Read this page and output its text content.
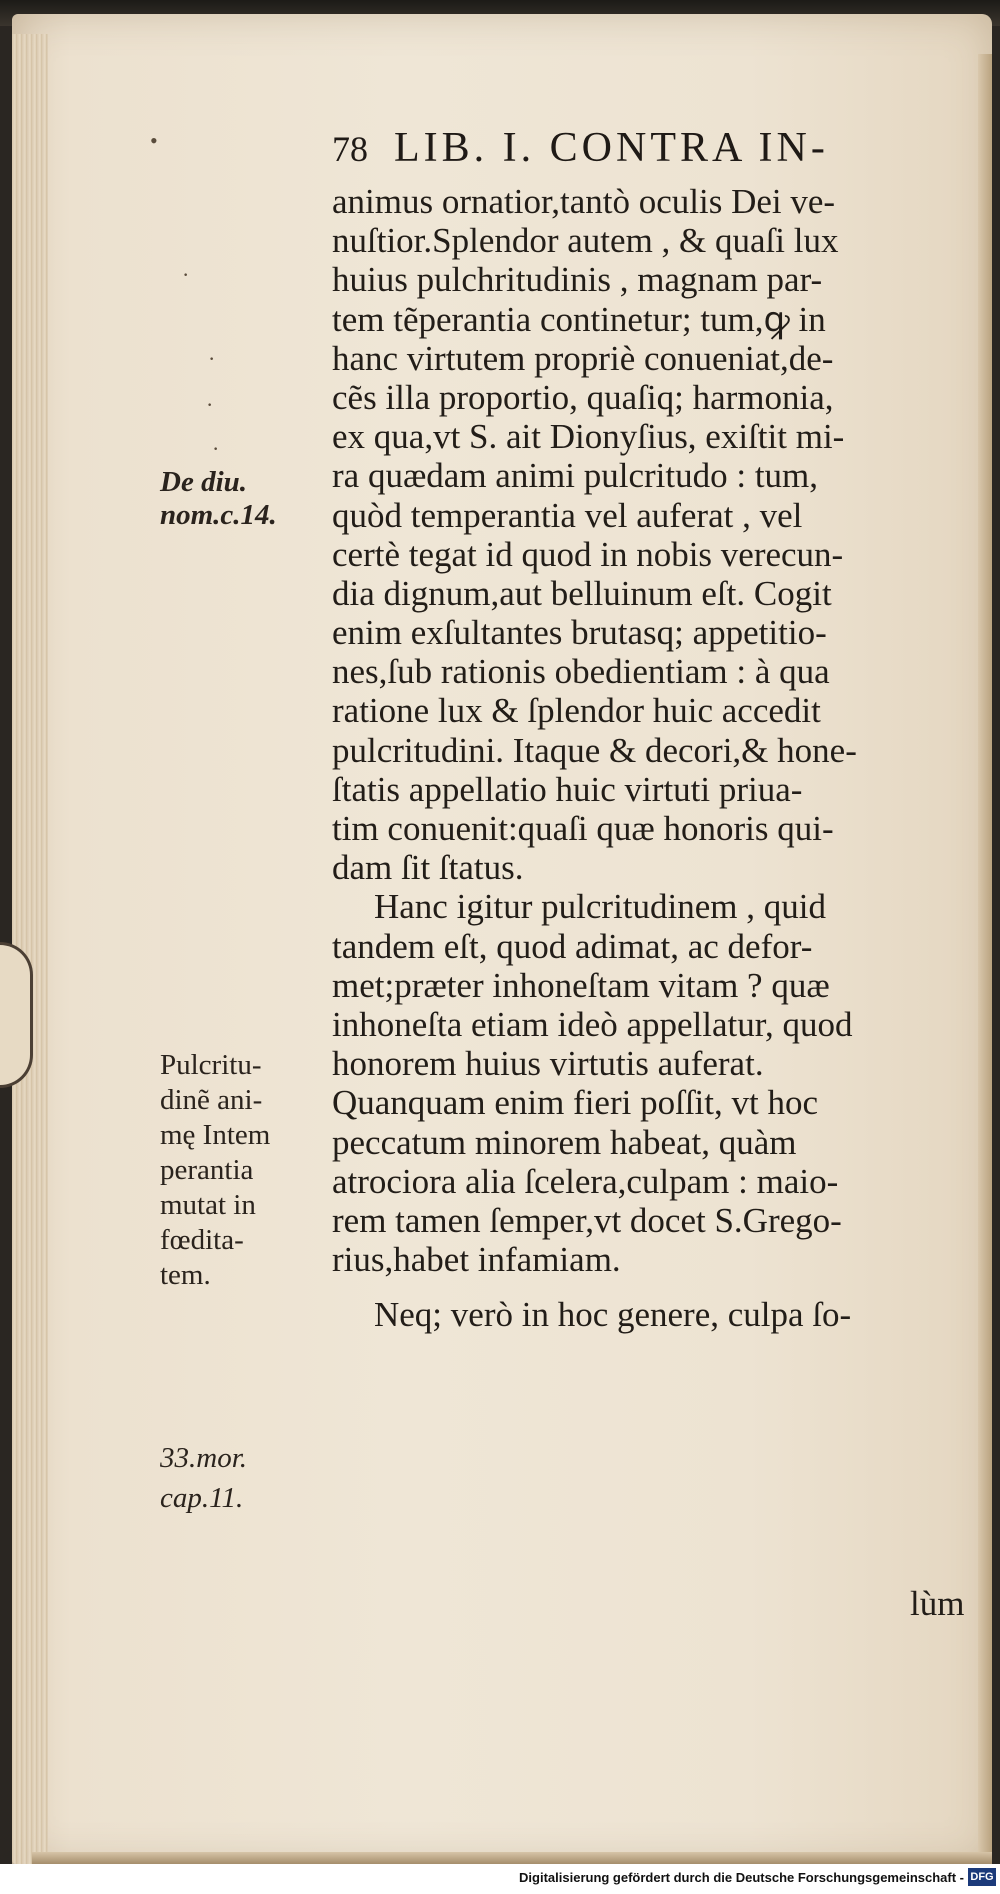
•
·
·
·
·
78 LIB. I. CONTRA IN-
animus ornatior,tantò oculis Dei ve-
nuſtior.Splendor autem , & quaſi lux
huius pulchritudinis , magnam par-
tem tẽperantia continetur; tum,ꝙ in
hanc virtutem propriè conueniat,de-
cẽs illa proportio, quaſiq; harmonia,
ex qua,vt S. ait Dionyſius, exiſtit mi-
ra quædam animi pulcritudo : tum,
quòd temperantia vel auferat , vel
certè tegat id quod in nobis verecun-
dia dignum,aut belluinum eſt. Cogit
enim exſultantes brutasq; appetitio-
nes,ſub rationis obedientiam : à qua
ratione lux & ſplendor huic accedit
pulcritudini. Itaque & decori,& hone-
ſtatis appellatio huic virtuti priua-
tim conuenit:quaſi quæ honoris qui-
dam ſit ſtatus.
Hanc igitur pulcritudinem , quid
tandem eſt, quod adimat, ac defor-
met;præter inhoneſtam vitam ? quæ
inhoneſta etiam ideò appellatur, quod
honorem huius virtutis auferat.
Quanquam enim fieri poſſit, vt hoc
peccatum minorem habeat, quàm
atrociora alia ſcelera,culpam : maio-
rem tamen ſemper,vt docet S.Grego-
rius,habet infamiam.
Neq; verò in hoc genere, culpa ſo-
lùm
De diu.
nom.c.14.
Pulcritu-
dinẽ ani-
mę Intem
perantia
mutat in
fœdita-
tem.
33.mor.
cap.11.
Digitalisierung gefördert durch die Deutsche Forschungsgemeinschaft - DFG
